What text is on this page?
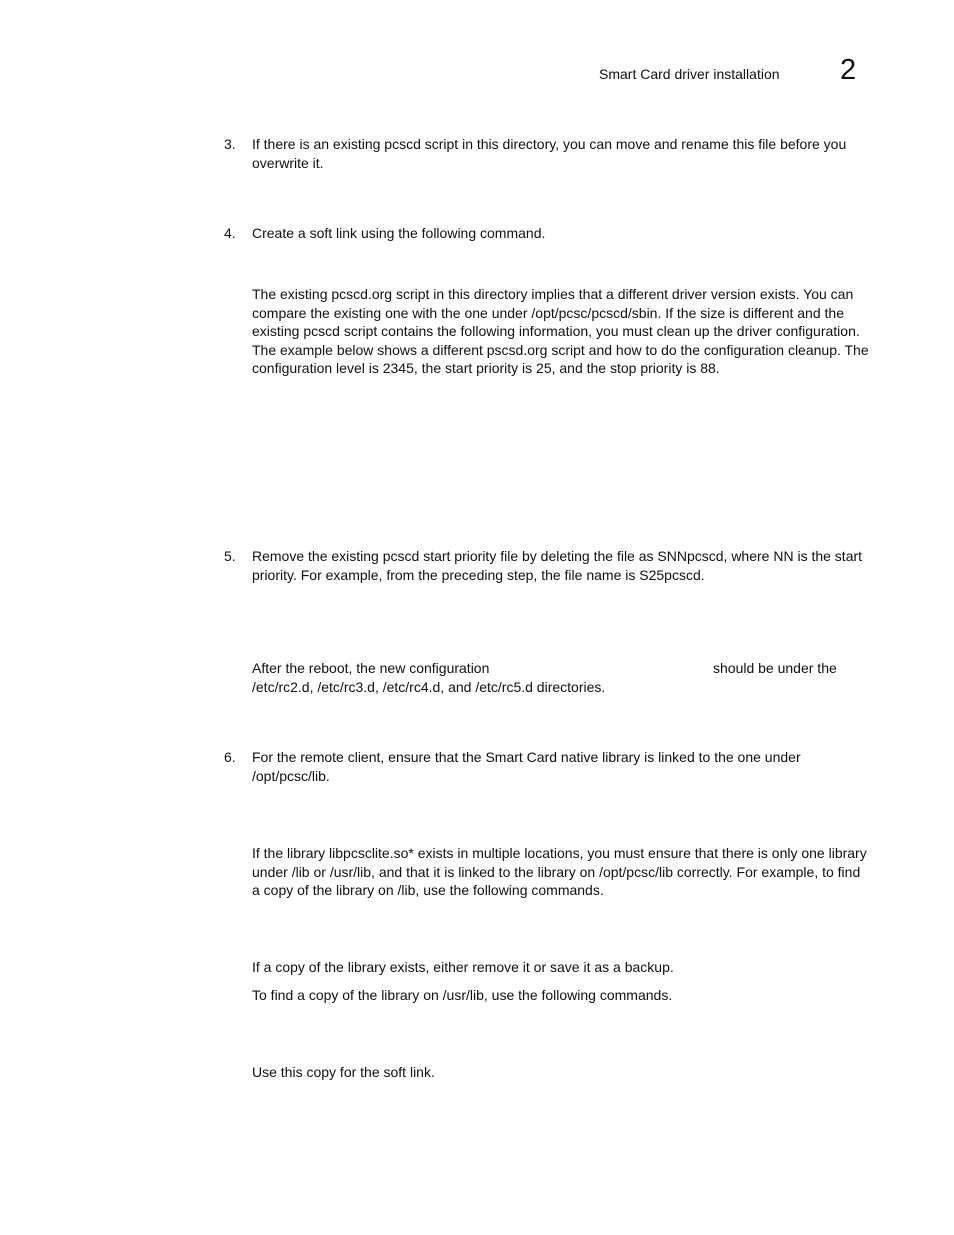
Smart Card driver installation 2
3. If there is an existing pcscd script in this directory, you can move and rename this file before you overwrite it.
4. Create a soft link using the following command.
The existing pcscd.org script in this directory implies that a different driver version exists. You can compare the existing one with the one under /opt/pcsc/pcscd/sbin. If the size is different and the existing pcscd script contains the following information, you must clean up the driver configuration. The example below shows a different pscsd.org script and how to do the configuration cleanup. The configuration level is 2345, the start priority is 25, and the stop priority is 88.
5. Remove the existing pcscd start priority file by deleting the file as SNNpcscd, where NN is the start priority. For example, from the preceding step, the file name is S25pcscd.
After the reboot, the new configuration	should be under the
/etc/rc2.d, /etc/rc3.d, /etc/rc4.d, and /etc/rc5.d directories.
6. For the remote client, ensure that the Smart Card native library is linked to the one under /opt/pcsc/lib.
If the library libpcsclite.so* exists in multiple locations, you must ensure that there is only one library under /lib or /usr/lib, and that it is linked to the library on /opt/pcsc/lib correctly. For example, to find a copy of the library on /lib, use the following commands.
If a copy of the library exists, either remove it or save it as a backup.
To find a copy of the library on /usr/lib, use the following commands.
Use this copy for the soft link.
